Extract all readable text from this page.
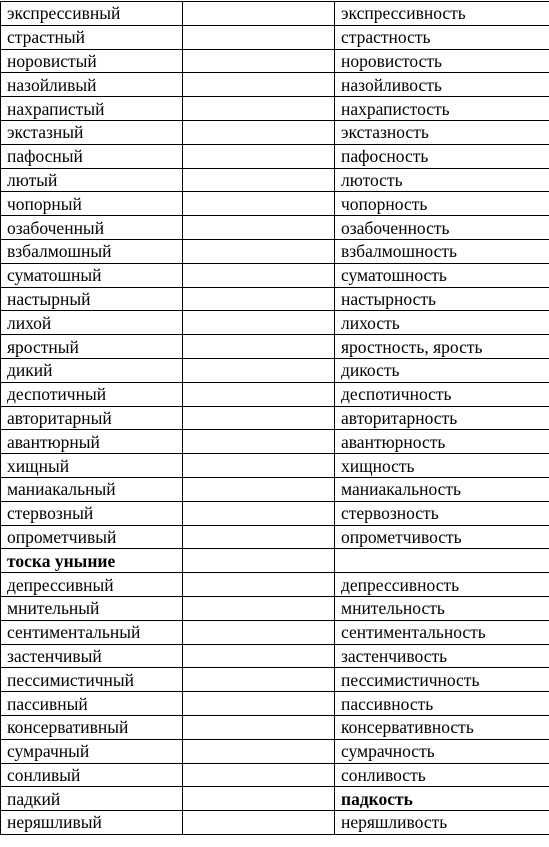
экспрессивный		экспрессивность
страстный		страстность
норовистый		норовистость
назойливый		назойливость
нахрапистый		нахрапистость
экстазный		экстазность
пафосный		пафосность
лютый		лютость
чопорный		чопорность
озабоченный		озабоченность
взбалмошный		взбалмошность
суматошный		суматошность
настырный		настырность
лихой		лихость
яростный		яростность, ярость
дикий		дикость
деспотичный		деспотичность
авторитарный		авторитарность
авантюрный		авантюрность
хищный		хищность
маниакальный		маниакальность
стервозный		стервозность
опрометчивый		опрометчивость
тоска уныние		
депрессивный		депрессивность
мнительный		мнительность
сентиментальный		сентиментальность
застенчивый		застенчивость
пессимистичный		пессимистичность
пассивный		пассивность
консервативный		консервативность
сумрачный		сумрачность
сонливый		сонливость
падкий		падкость
неряшливый		неряшливость
